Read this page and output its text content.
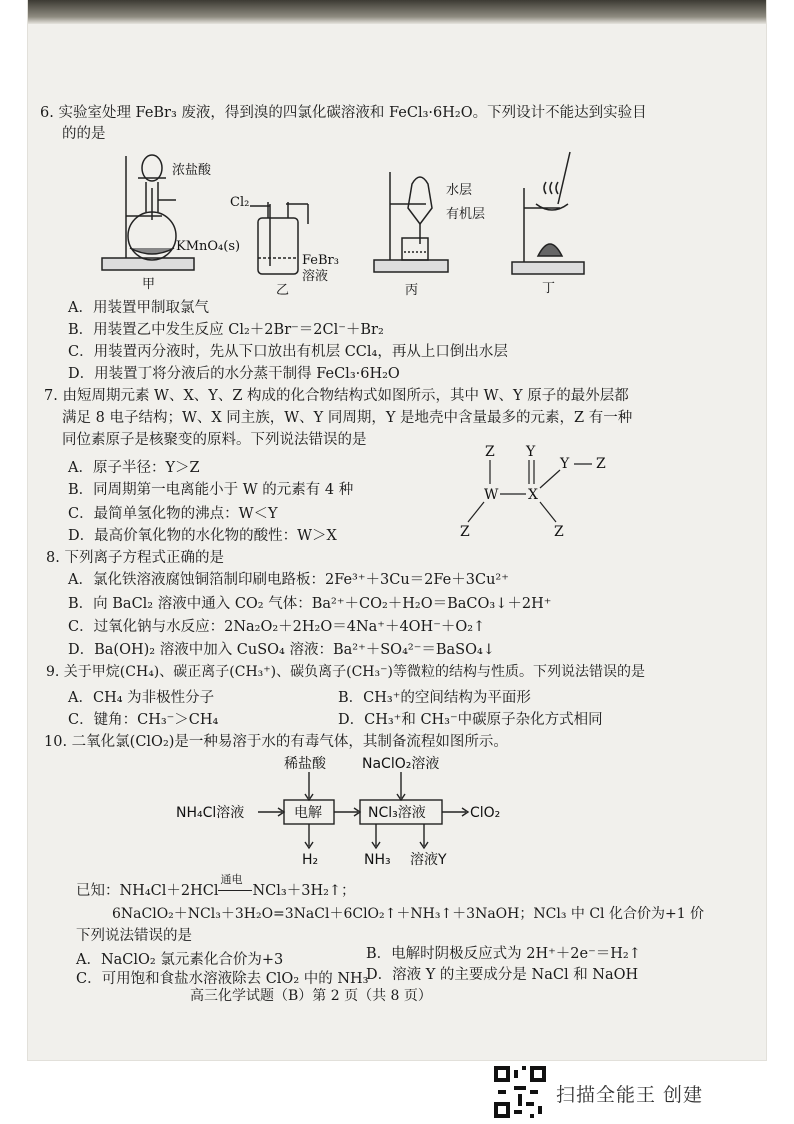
6. 实验室处理 FeBr₃ 废液，得到溴的四氯化碳溶液和 FeCl₃·6H₂O。下列设计不能达到实验目
的的是
浓盐酸
KMnO₄(s)
Cl₂
FeBr₃
溶液
水层
有机层
甲	乙	丙	丁
A．用装置甲制取氯气
B．用装置乙中发生反应 Cl₂＋2Br⁻＝2Cl⁻＋Br₂
C．用装置丙分液时，先从下口放出有机层 CCl₄，再从上口倒出水层
D．用装置丁将分液后的水分蒸干制得 FeCl₃·6H₂O
7. 由短周期元素 W、X、Y、Z 构成的化合物结构式如图所示，其中 W、Y 原子的最外层都
满足 8 电子结构；W、X 同主族，W、Y 同周期，Y 是地壳中含量最多的元素，Z 有一种
同位素原子是核聚变的原料。下列说法错误的是
A．原子半径：Y＞Z
B．同周期第一电离能小于 W 的元素有 4 种
C．最简单氢化物的沸点：W＜Y
D．最高价氧化物的水化物的酸性：W＞X
Z Y
Y Z
W X
Z	Z
8. 下列离子方程式正确的是
A．氯化铁溶液腐蚀铜箔制印刷电路板：2Fe³⁺＋3Cu＝2Fe＋3Cu²⁺
B．向 BaCl₂ 溶液中通入 CO₂ 气体：Ba²⁺＋CO₂＋H₂O＝BaCO₃↓＋2H⁺
C．过氧化钠与水反应：2Na₂O₂＋2H₂O＝4Na⁺＋4OH⁻＋O₂↑
D．Ba(OH)₂ 溶液中加入 CuSO₄ 溶液：Ba²⁺＋SO₄²⁻＝BaSO₄↓
9. 关于甲烷(CH₄)、碳正离子(CH₃⁺)、碳负离子(CH₃⁻)等微粒的结构与性质。下列说法错误的是
A．CH₄ 为非极性分子	B．CH₃⁺的空间结构为平面形
C．键角：CH₃⁻＞CH₄	D．CH₃⁺和 CH₃⁻中碳原子杂化方式相同
10. 二氧化氯(ClO₂)是一种易溶于水的有毒气体，其制备流程如图所示。
稀盐酸	NaClO₂溶液
NH₄Cl溶液	电解	NCl₃溶液	ClO₂
H₂	NH₃ 溶液Y
已知：NH₄Cl＋2HCl
通电
NCl₃＋3H₂↑；
6NaClO₂＋NCl₃＋3H₂O=3NaCl＋6ClO₂↑＋NH₃↑＋3NaOH；NCl₃ 中 Cl 化合价为+1 价
下列说法错误的是
A．NaClO₂ 氯元素化合价为+3	B．电解时阴极反应式为 2H⁺＋2e⁻＝H₂↑
C．可用饱和食盐水溶液除去 ClO₂ 中的 NH₃
D．溶液 Y 的主要成分是 NaCl 和 NaOH
高三化学试题（B）第 2 页（共 8 页）
扫描全能王 创建
